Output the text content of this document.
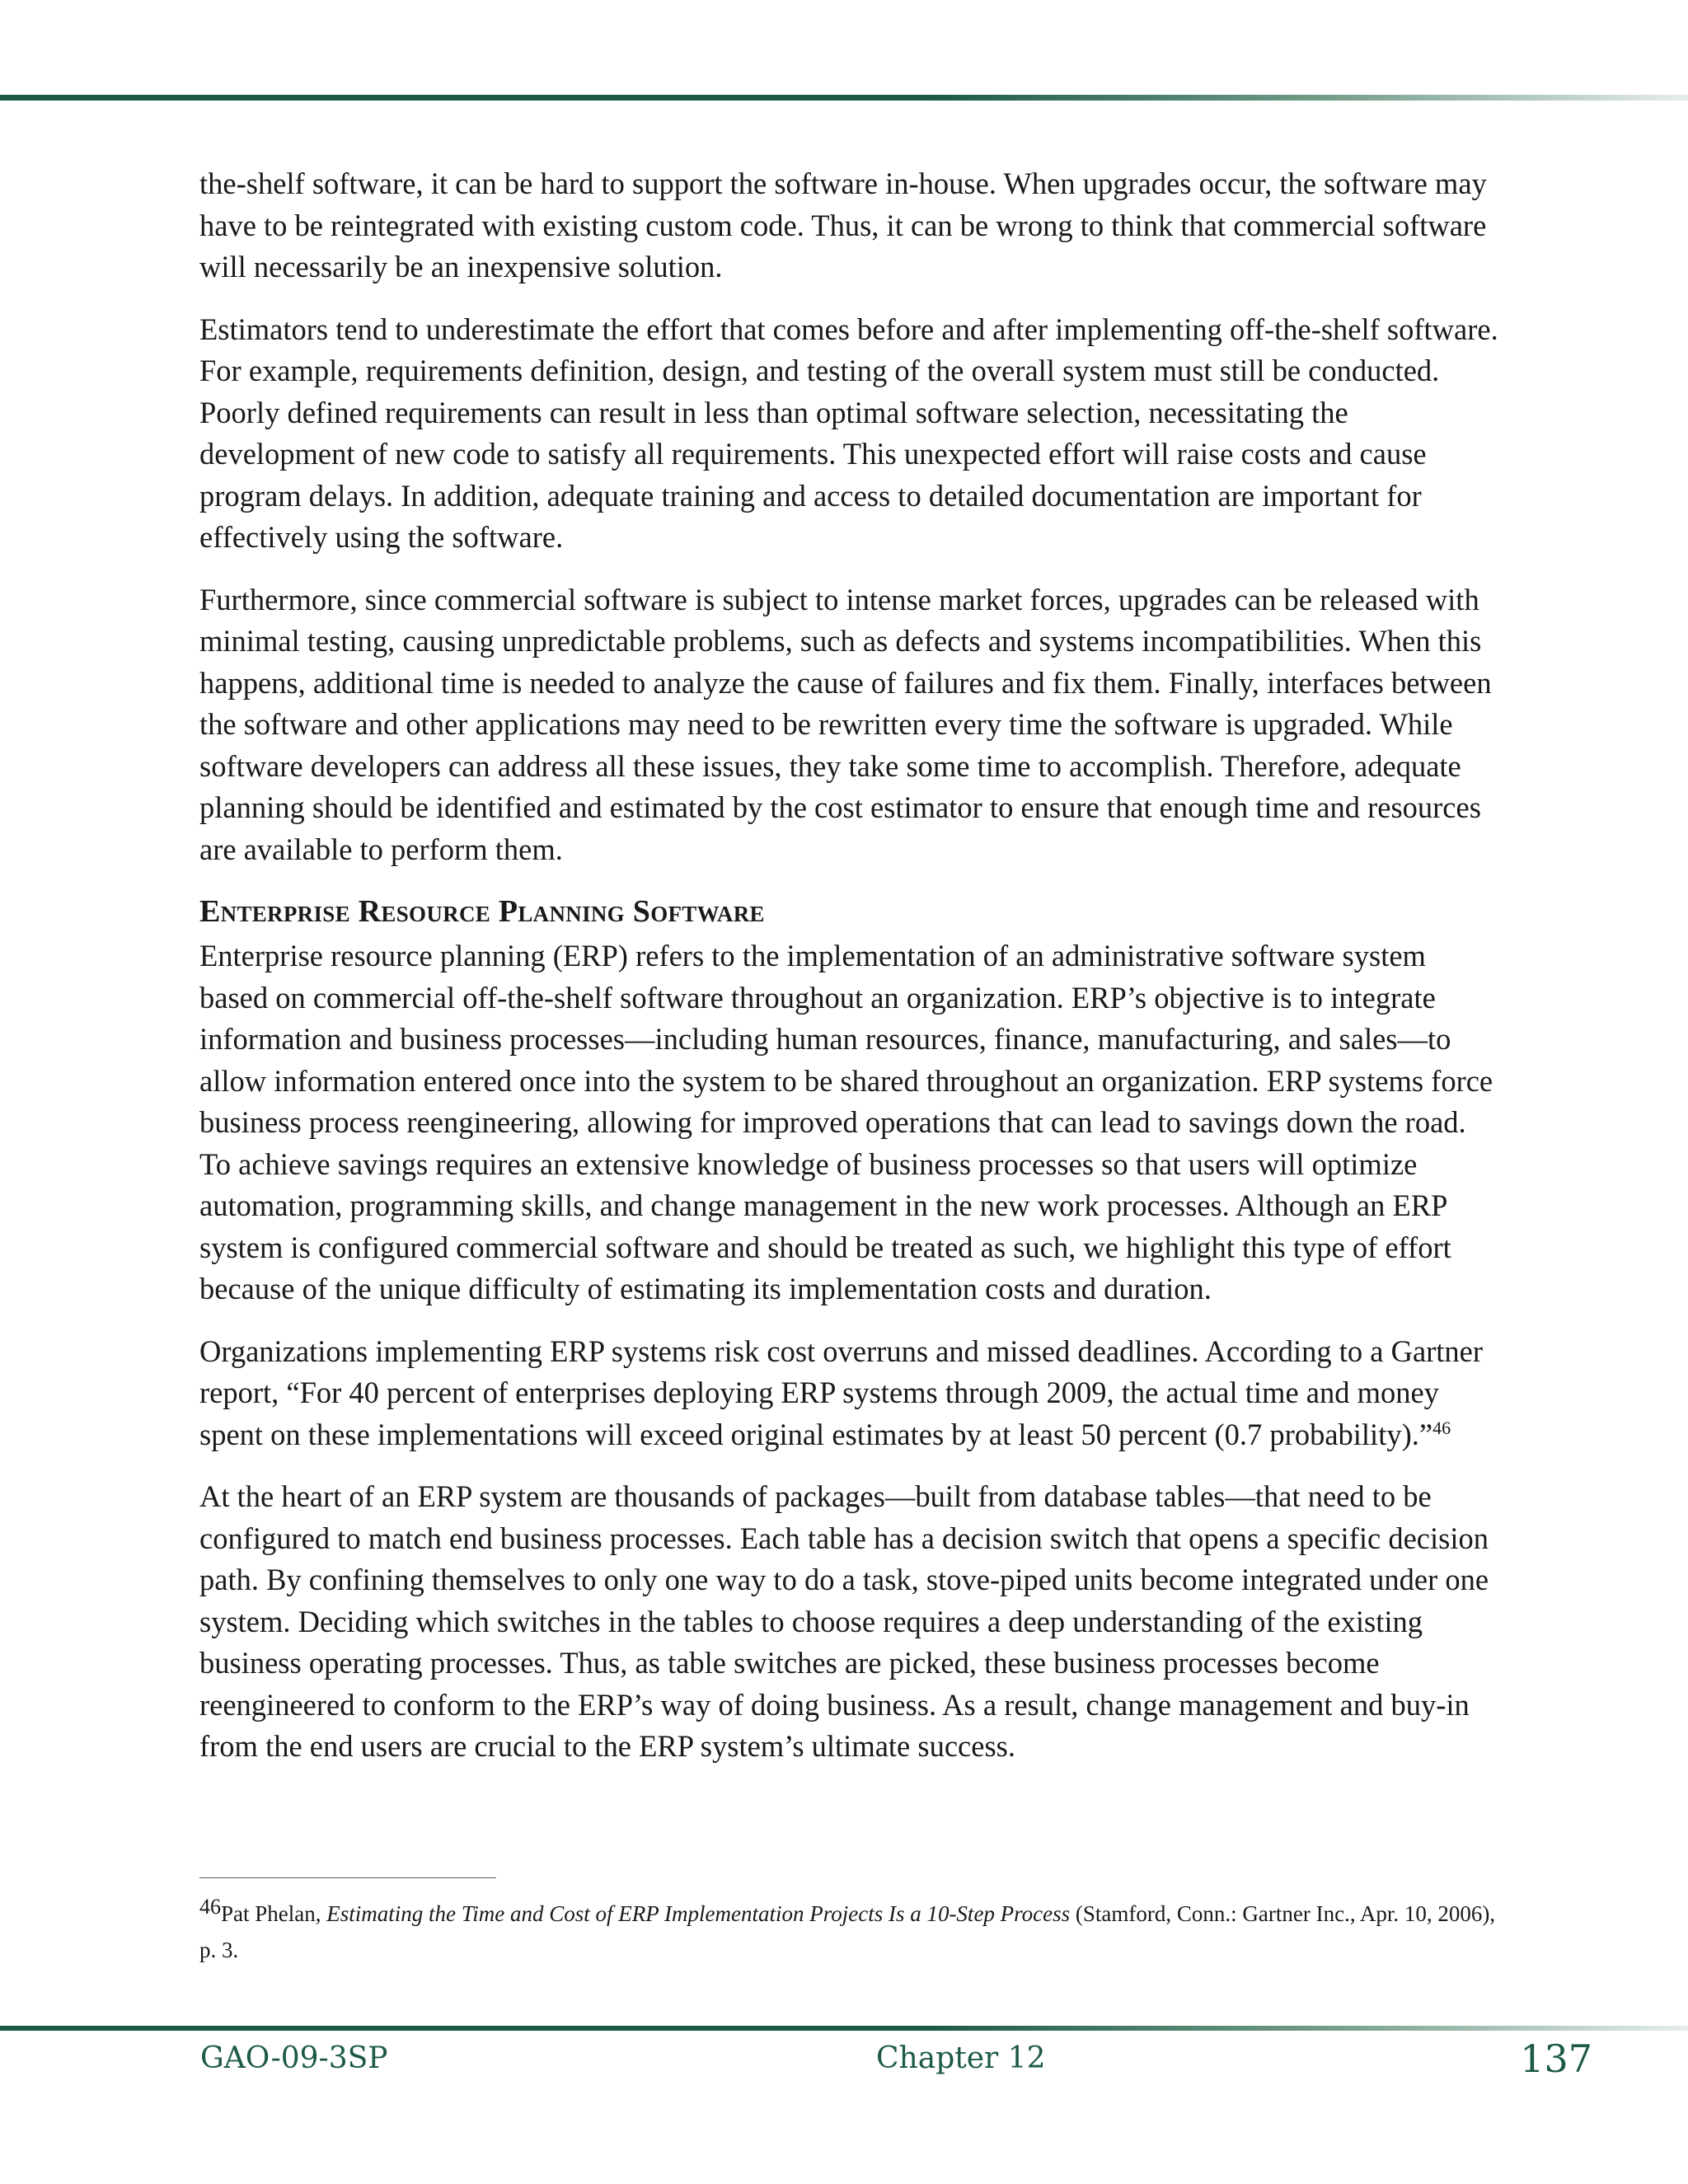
the-shelf software, it can be hard to support the software in-house. When upgrades occur, the software may have to be reintegrated with existing custom code. Thus, it can be wrong to think that commercial software will necessarily be an inexpensive solution.

Estimators tend to underestimate the effort that comes before and after implementing off-the-shelf software. For example, requirements definition, design, and testing of the overall system must still be conducted. Poorly defined requirements can result in less than optimal software selection, necessitating the development of new code to satisfy all requirements. This unexpected effort will raise costs and cause program delays. In addition, adequate training and access to detailed documentation are important for effectively using the software.

Furthermore, since commercial software is subject to intense market forces, upgrades can be released with minimal testing, causing unpredictable problems, such as defects and systems incompatibilities. When this happens, additional time is needed to analyze the cause of failures and fix them. Finally, interfaces between the software and other applications may need to be rewritten every time the software is upgraded. While software developers can address all these issues, they take some time to accomplish. Therefore, adequate planning should be identified and estimated by the cost estimator to ensure that enough time and resources are available to perform them.

Enterprise Resource Planning Software

Enterprise resource planning (ERP) refers to the implementation of an administrative software system based on commercial off-the-shelf software throughout an organization. ERP’s objective is to integrate information and business processes—including human resources, finance, manufacturing, and sales—to allow information entered once into the system to be shared throughout an organization. ERP systems force business process reengineering, allowing for improved operations that can lead to savings down the road. To achieve savings requires an extensive knowledge of business processes so that users will optimize automation, programming skills, and change management in the new work processes. Although an ERP system is configured commercial software and should be treated as such, we highlight this type of effort because of the unique difficulty of estimating its implementation costs and duration.

Organizations implementing ERP systems risk cost overruns and missed deadlines. According to a Gartner report, “For 40 percent of enterprises deploying ERP systems through 2009, the actual time and money spent on these implementations will exceed original estimates by at least 50 percent (0.7 probability).”$^{46}$

At the heart of an ERP system are thousands of packages—built from database tables—that need to be configured to match end business processes. Each table has a decision switch that opens a specific decision path. By confining themselves to only one way to do a task, stove-piped units become integrated under one system. Deciding which switches in the tables to choose requires a deep understanding of the existing business operating processes. Thus, as table switches are picked, these business processes become reengineered to conform to the ERP’s way of doing business. As a result, change management and buy-in from the end users are crucial to the ERP system’s ultimate success.

46Pat Phelan, Estimating the Time and Cost of ERP Implementation Projects Is a 10-Step Process (Stamford, Conn.: Gartner Inc., Apr. 10, 2006), p. 3.
GAO-09-3SP	Chapter 12	137
